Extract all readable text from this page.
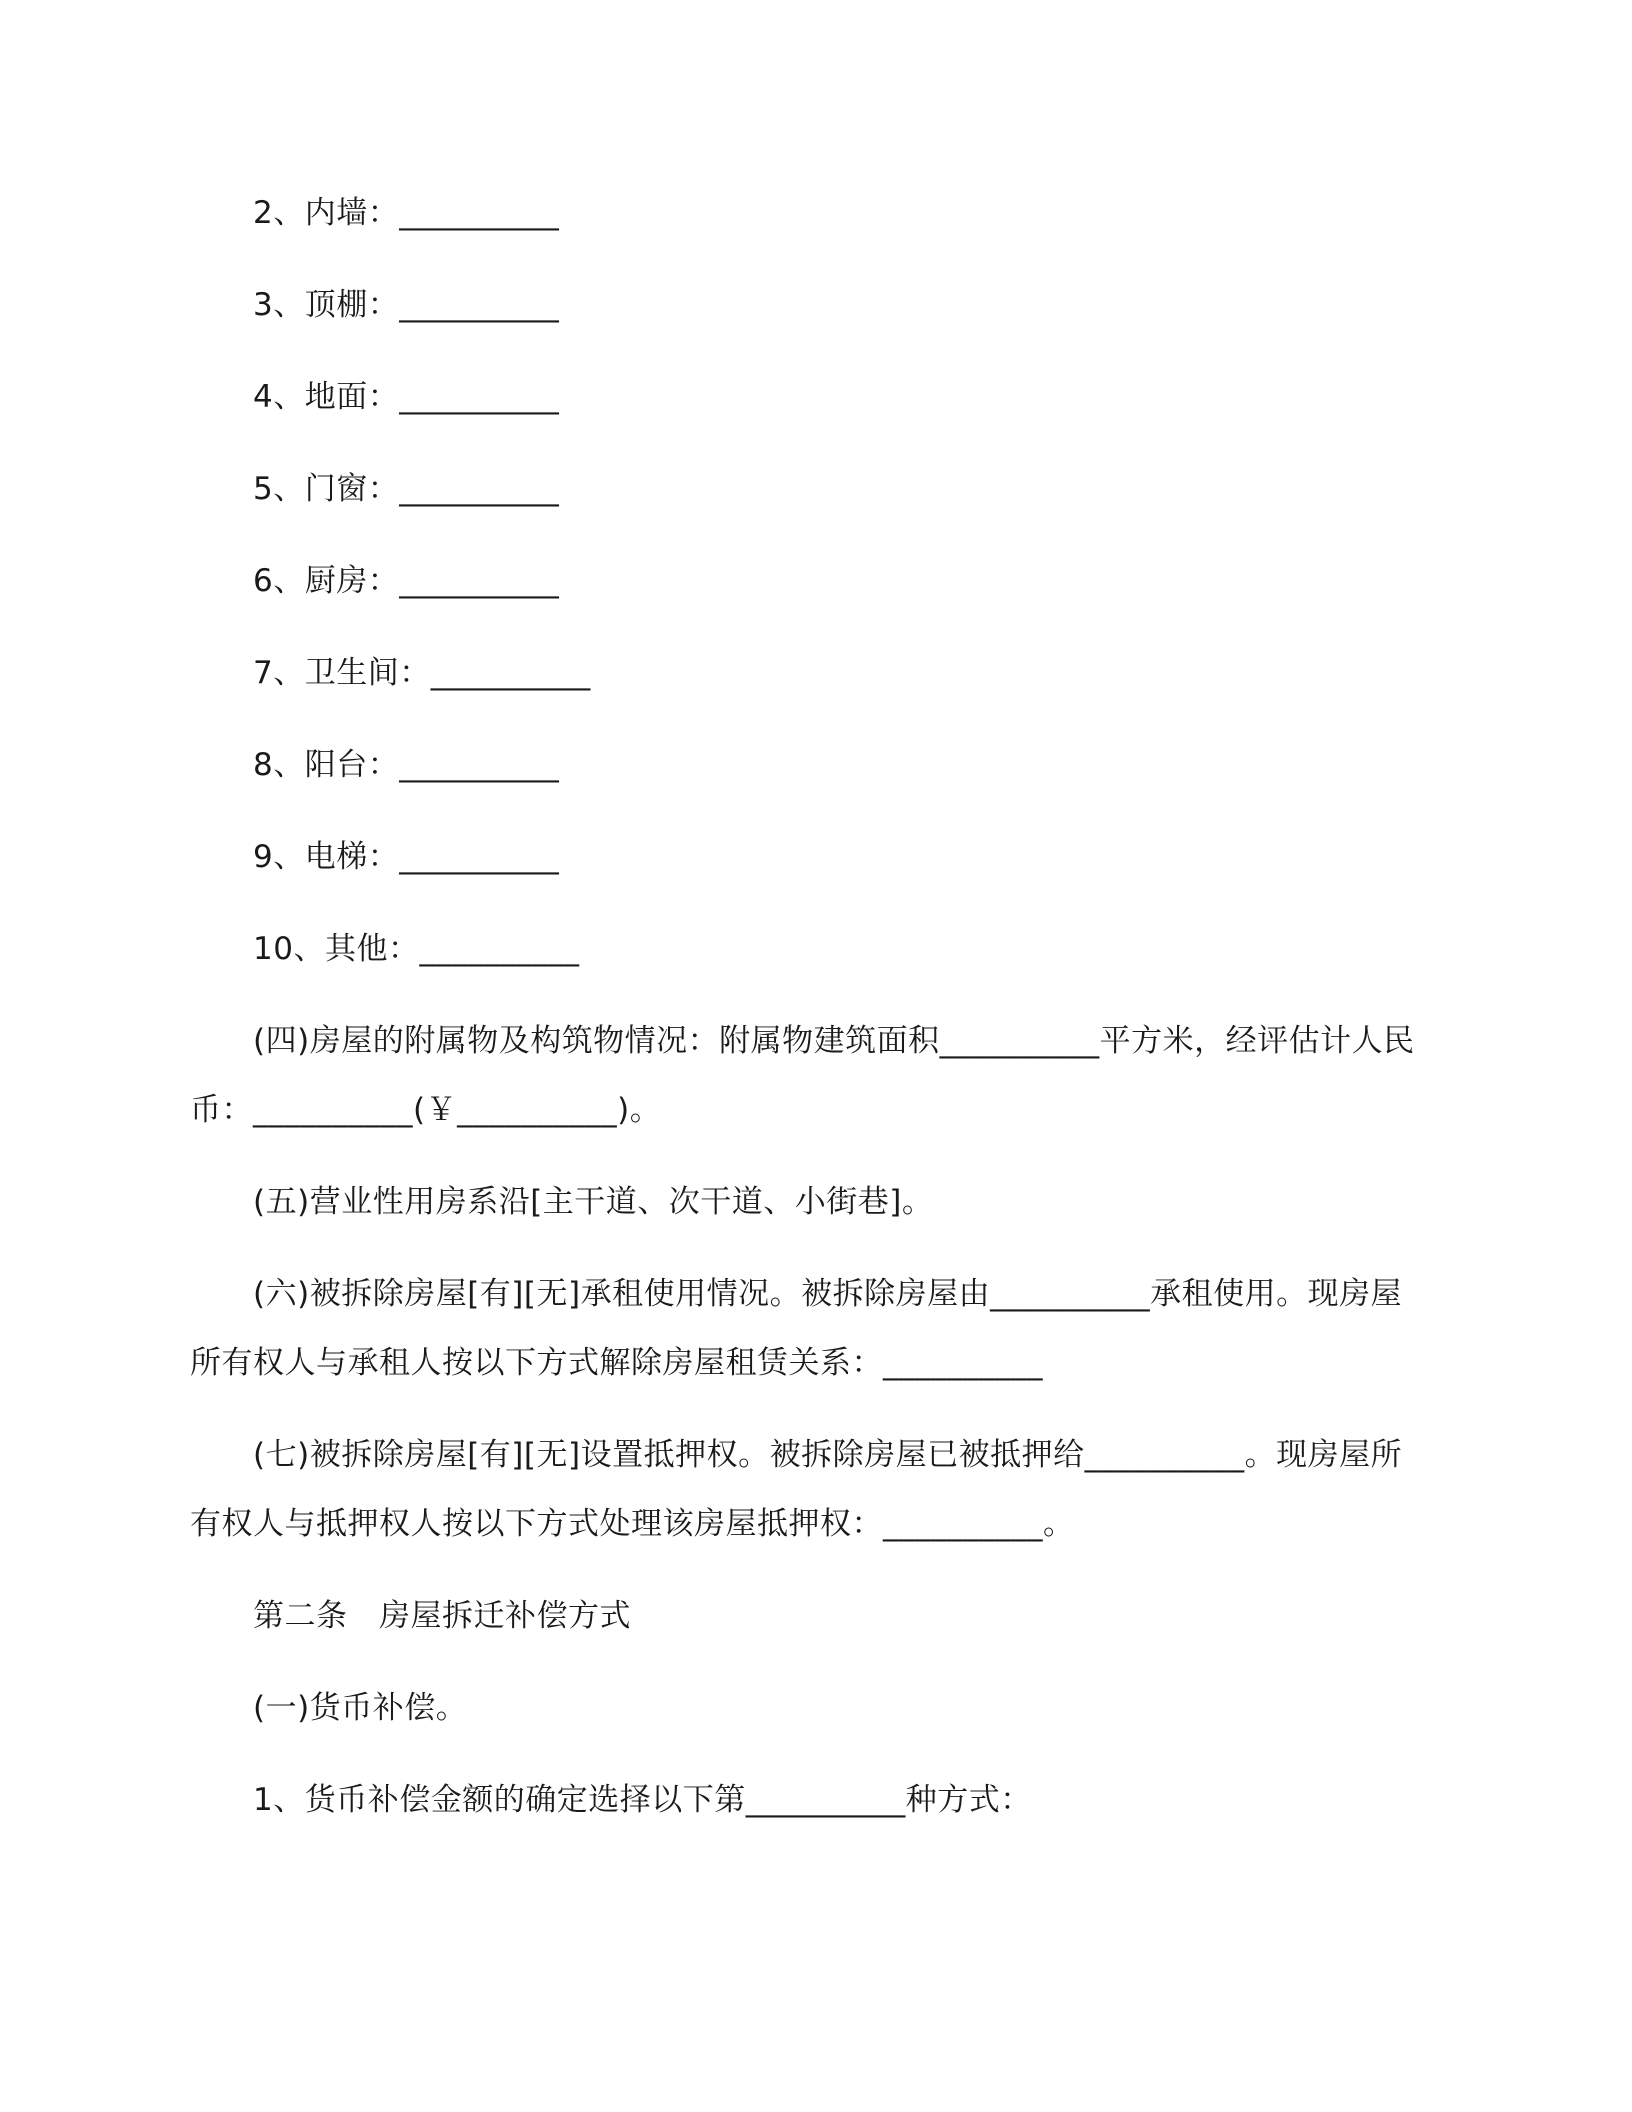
2、内墙：__________
3、顶棚：__________
4、地面：__________
5、门窗：__________
6、厨房：__________
7、卫生间：__________
8、阳台：__________
9、电梯：__________
10、其他：__________
(四)房屋的附属物及构筑物情况：附属物建筑面积__________平方米，经评估计人民
币：__________(￥__________)。
(五)营业性用房系沿[主干道、次干道、小街巷]。
(六)被拆除房屋[有][无]承租使用情况。被拆除房屋由__________承租使用。现房屋
所有权人与承租人按以下方式解除房屋租赁关系：__________
(七)被拆除房屋[有][无]设置抵押权。被拆除房屋已被抵押给__________。现房屋所
有权人与抵押权人按以下方式处理该房屋抵押权：__________。
第二条　房屋拆迁补偿方式
(一)货币补偿。
1、货币补偿金额的确定选择以下第__________种方式：
